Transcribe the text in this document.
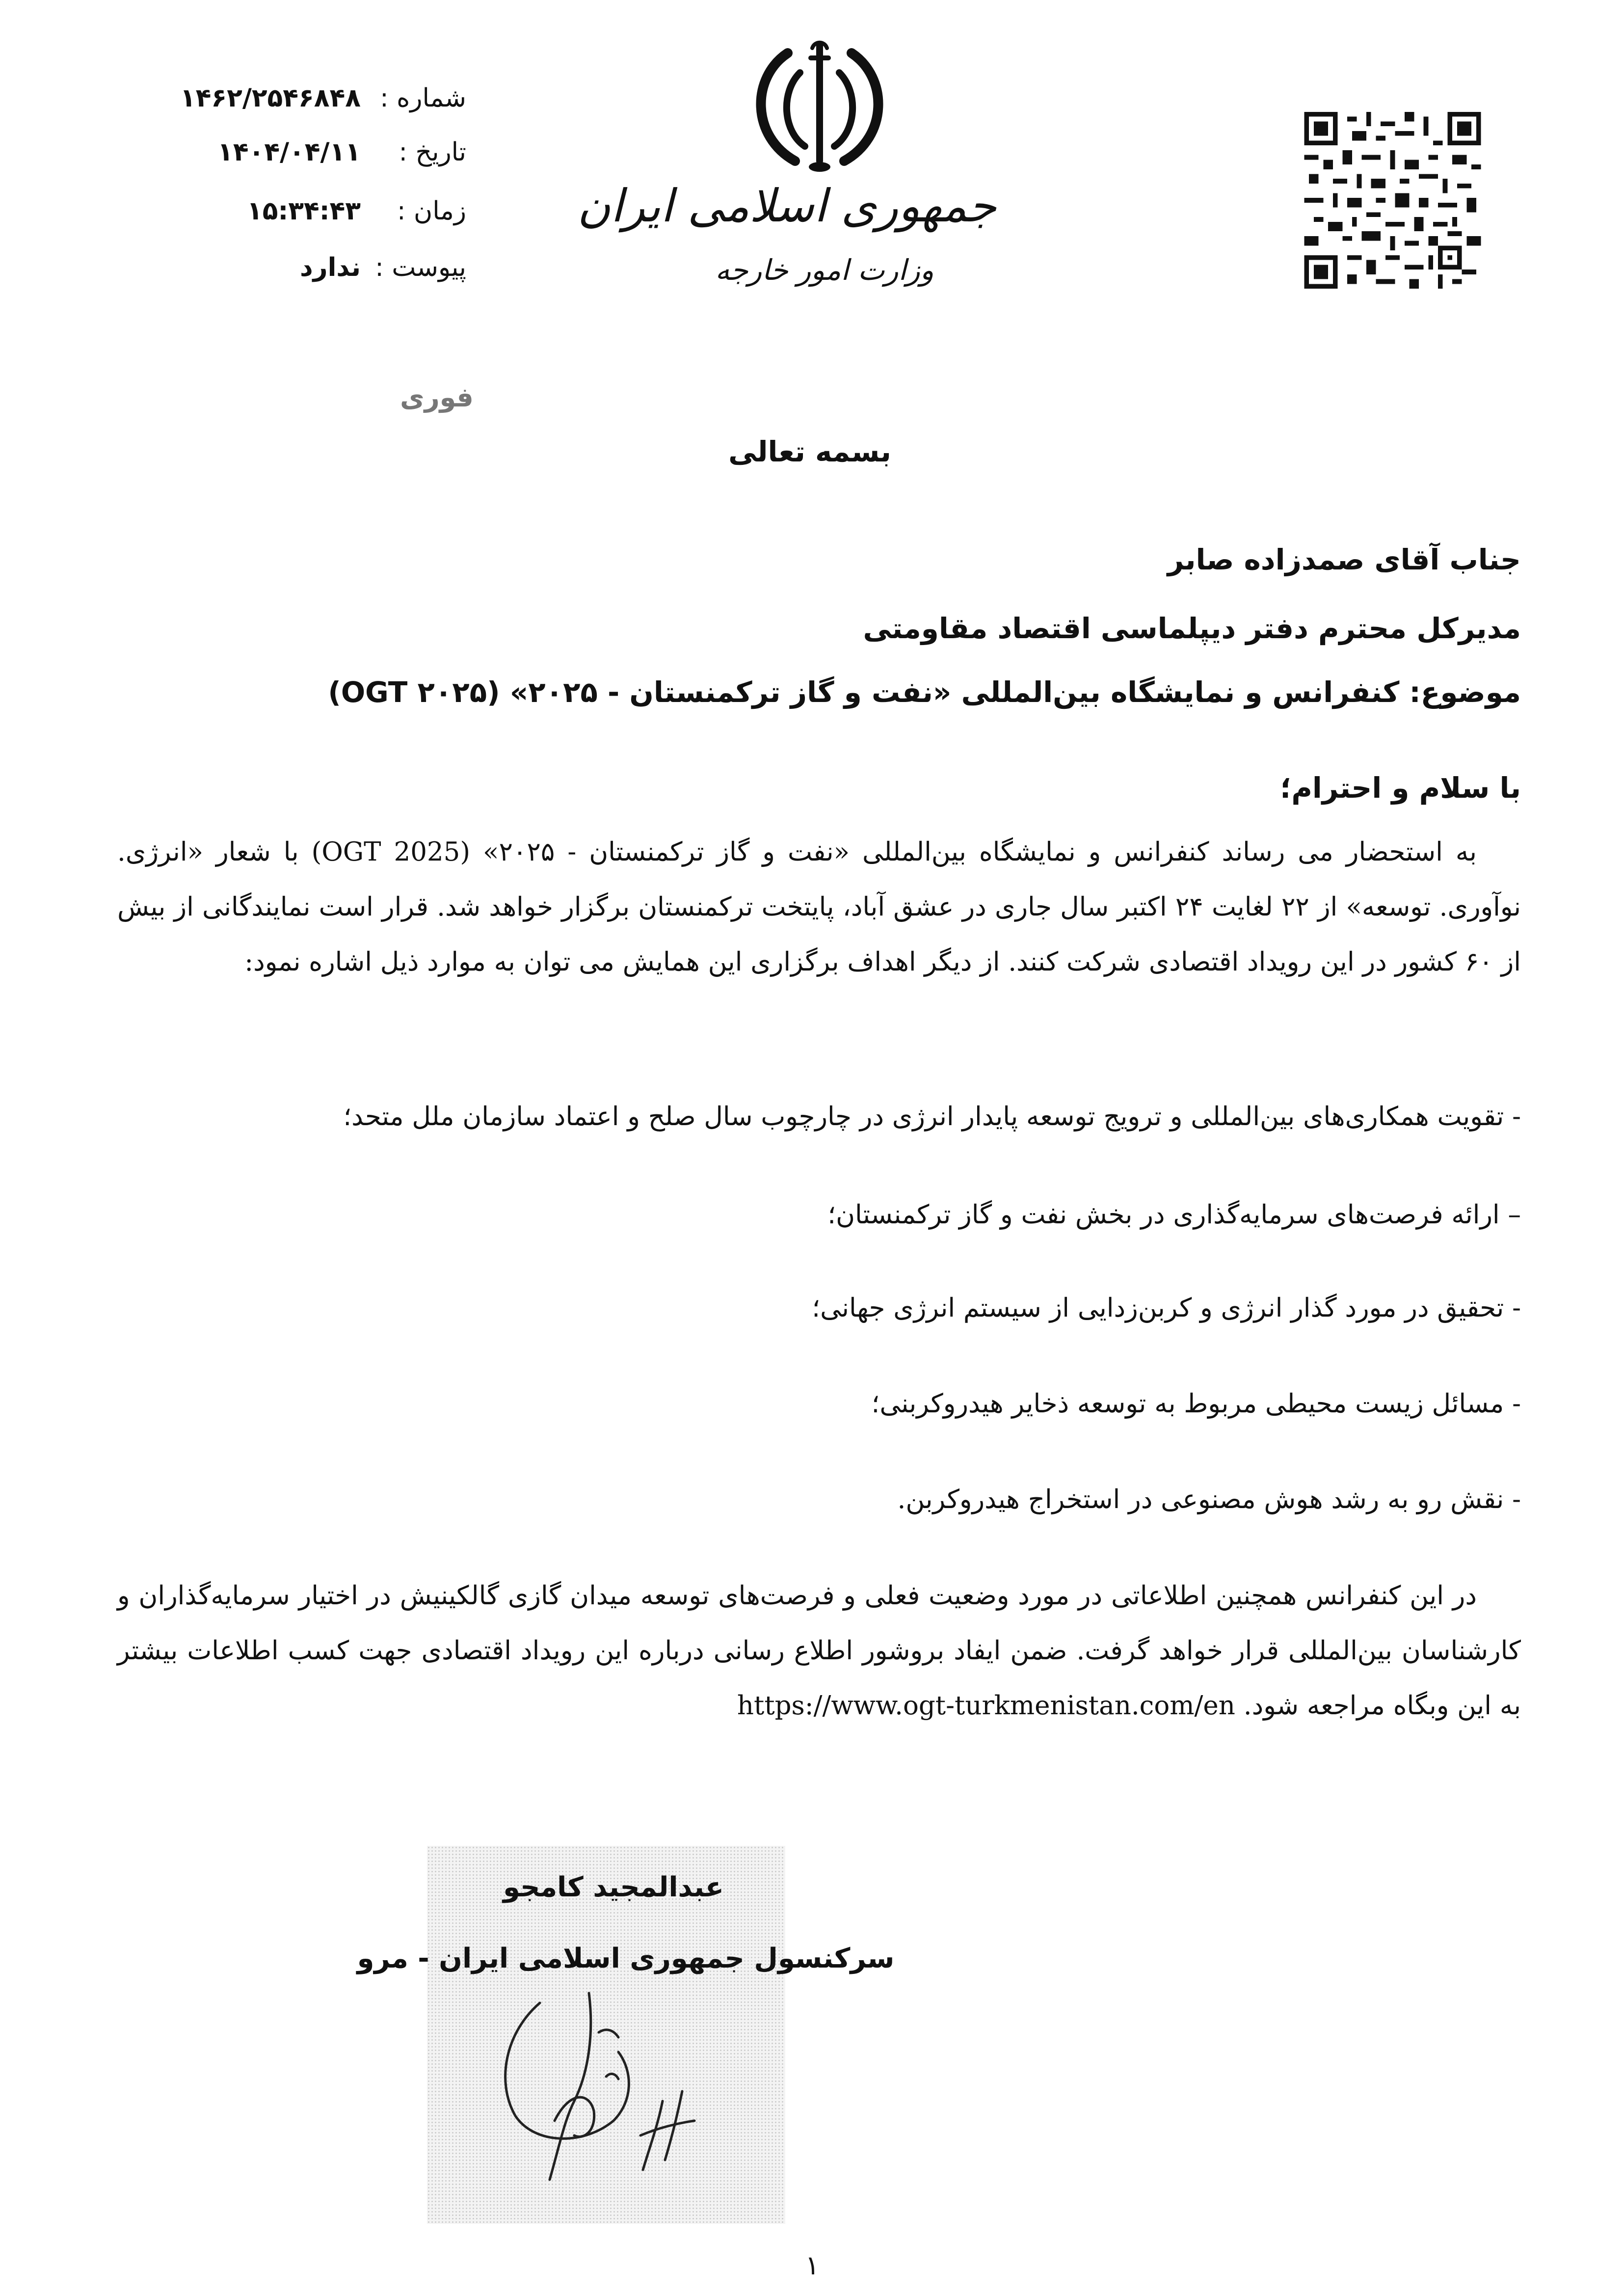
شماره :
۱۴۶۲/۲۵۴۶۸۴۸
تاریخ :
۱۴۰۴/۰۴/۱۱
زمان :
۱۵:۳۴:۴۳
پیوست :
ندارد
جمهوری اسلامی ایران
وزارت امور خارجه
فوری
بسمه تعالی
جناب آقای صمدزاده صابر
مدیرکل محترم دفتر دیپلماسی اقتصاد مقاومتی
موضوع: کنفرانس و نمایشگاه بین‌المللی «نفت و گاز ترکمنستان - ۲۰۲۵» (OGT ۲۰۲۵)
با سلام و احترام؛
به استحضار می رساند کنفرانس و نمایشگاه بین‌المللی «نفت و گاز ترکمنستان - ۲۰۲۵» (OGT 2025) با شعار «انرژی. نوآوری. توسعه» از ۲۲ لغایت ۲۴ اکتبر سال جاری در عشق آباد، پایتخت ترکمنستان برگزار خواهد شد. قرار است نمایندگانی از بیش از ۶۰ کشور در این رویداد اقتصادی شرکت کنند. از دیگر اهداف برگزاری این همایش می توان به موارد ذیل اشاره نمود:
- تقویت همکاری‌های بین‌المللی و ترویج توسعه پایدار انرژی در چارچوب سال صلح و اعتماد سازمان ملل متحد؛
– ارائه فرصت‌های سرمایه‌گذاری در بخش نفت و گاز ترکمنستان؛
- تحقیق در مورد گذار انرژی و کربن‌زدایی از سیستم انرژی جهانی؛
- مسائل زیست محیطی مربوط به توسعه ذخایر هیدروکربنی؛
- نقش رو به رشد هوش مصنوعی در استخراج هیدروکربن.
در این کنفرانس همچنین اطلاعاتی در مورد وضعیت فعلی و فرصت‌های توسعه میدان گازی گالکینیش در اختیار سرمایه‌گذاران و کارشناسان بین‌المللی قرار خواهد گرفت. ضمن ایفاد بروشور اطلاع رسانی درباره این رویداد اقتصادی جهت کسب اطلاعات بیشتر به این وبگاه مراجعه شود. https://www.ogt-turkmenistan.com/en
عبدالمجید کامجو
سرکنسول جمهوری اسلامی ایران - مرو
۱
